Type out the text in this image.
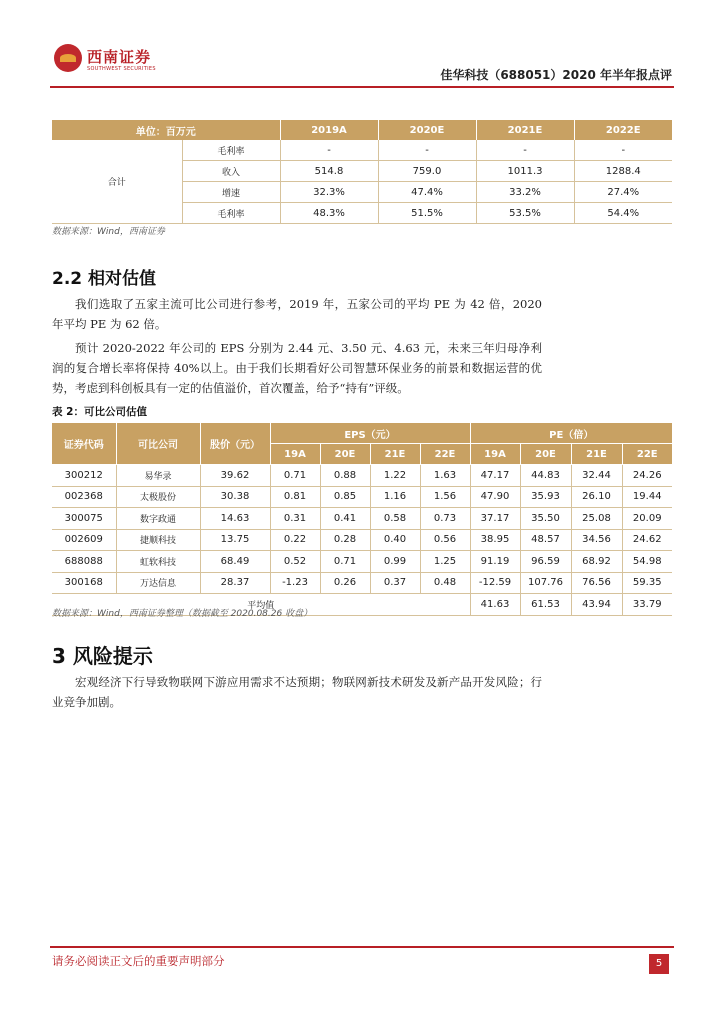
西南证券
SOUTHWEST SECURITIES	佳华科技（688051）2020 年半年报点评
单位：百万元		2019A	2020E	2021E	2022E
合计	毛利率	-	-	-	-
	收入	514.8	759.0	1011.3	1288.4
	增速	32.3%	47.4%	33.2%	27.4%
	毛利率	48.3%	51.5%	53.5%	54.4%
数据来源：Wind，西南证券
2.2 相对估值
我们选取了五家主流可比公司进行参考，2019 年，五家公司的平均 PE 为 42 倍，2020 年平均 PE 为 62 倍。
预计 2020-2022 年公司的 EPS 分别为 2.44 元、3.50 元、4.63 元，未来三年归母净利润的复合增长率将保持 40%以上。由于我们长期看好公司智慧环保业务的前景和数据运营的优势，考虑到科创板具有一定的估值溢价，首次覆盖，给予“持有”评级。
表 2：可比公司估值
证券代码	可比公司	股价（元）	EPS（元）				PE（倍）			
			19A	20E	21E	22E	19A	20E	21E	22E
300212	易华录	39.62	0.71	0.88	1.22	1.63	47.17	44.83	32.44	24.26
002368	太极股份	30.38	0.81	0.85	1.16	1.56	47.90	35.93	26.10	19.44
300075	数字政通	14.63	0.31	0.41	0.58	0.73	37.17	35.50	25.08	20.09
002609	捷顺科技	13.75	0.22	0.28	0.40	0.56	38.95	48.57	34.56	24.62
688088	虹软科技	68.49	0.52	0.71	0.99	1.25	91.19	96.59	68.92	54.98
300168	万达信息	28.37	-1.23	0.26	0.37	0.48	-12.59	107.76	76.56	59.35
平均值							41.63	61.53	43.94	33.79
数据来源：Wind，西南证券整理（数据截至 2020.08.26 收盘）
3 风险提示
宏观经济下行导致物联网下游应用需求不达预期；物联网新技术研发及新产品开发风险；行业竞争加剧。
请务必阅读正文后的重要声明部分	5
